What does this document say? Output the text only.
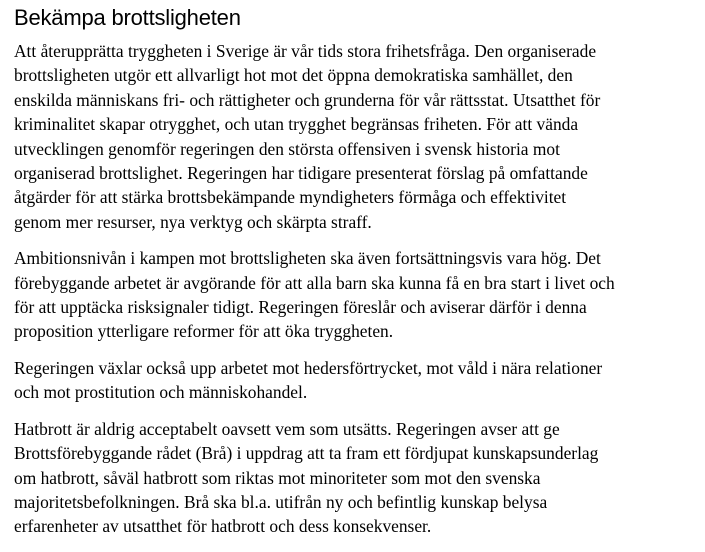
Bekämpa brottsligheten

Att återupprätta tryggheten i Sverige är vår tids stora frihetsfråga. Den organiserade
brottsligheten utgör ett allvarligt hot mot det öppna demokratiska samhället, den
enskilda människans fri- och rättigheter och grunderna för vår rättsstat. Utsatthet för
kriminalitet skapar otrygghet, och utan trygghet begränsas friheten. För att vända
utvecklingen genomför regeringen den största offensiven i svensk historia mot
organiserad brottslighet. Regeringen har tidigare presenterat förslag på omfattande
åtgärder för att stärka brottsbekämpande myndigheters förmåga och effektivitet
genom mer resurser, nya verktyg och skärpta straff.

Ambitionsnivån i kampen mot brottsligheten ska även fortsättningsvis vara hög. Det
förebyggande arbetet är avgörande för att alla barn ska kunna få en bra start i livet och
för att upptäcka risksignaler tidigt. Regeringen föreslår och aviserar därför i denna
proposition ytterligare reformer för att öka tryggheten.

Regeringen växlar också upp arbetet mot hedersförtrycket, mot våld i nära relationer
och mot prostitution och människohandel.

Hatbrott är aldrig acceptabelt oavsett vem som utsätts. Regeringen avser att ge
Brottsförebyggande rådet (Brå) i uppdrag att ta fram ett fördjupat kunskapsunderlag
om hatbrott, såväl hatbrott som riktas mot minoriteter som mot den svenska
majoritetsbefolkningen. Brå ska bl.a. utifrån ny och befintlig kunskap belysa
erfarenheter av utsatthet för hatbrott och dess konsekvenser.
